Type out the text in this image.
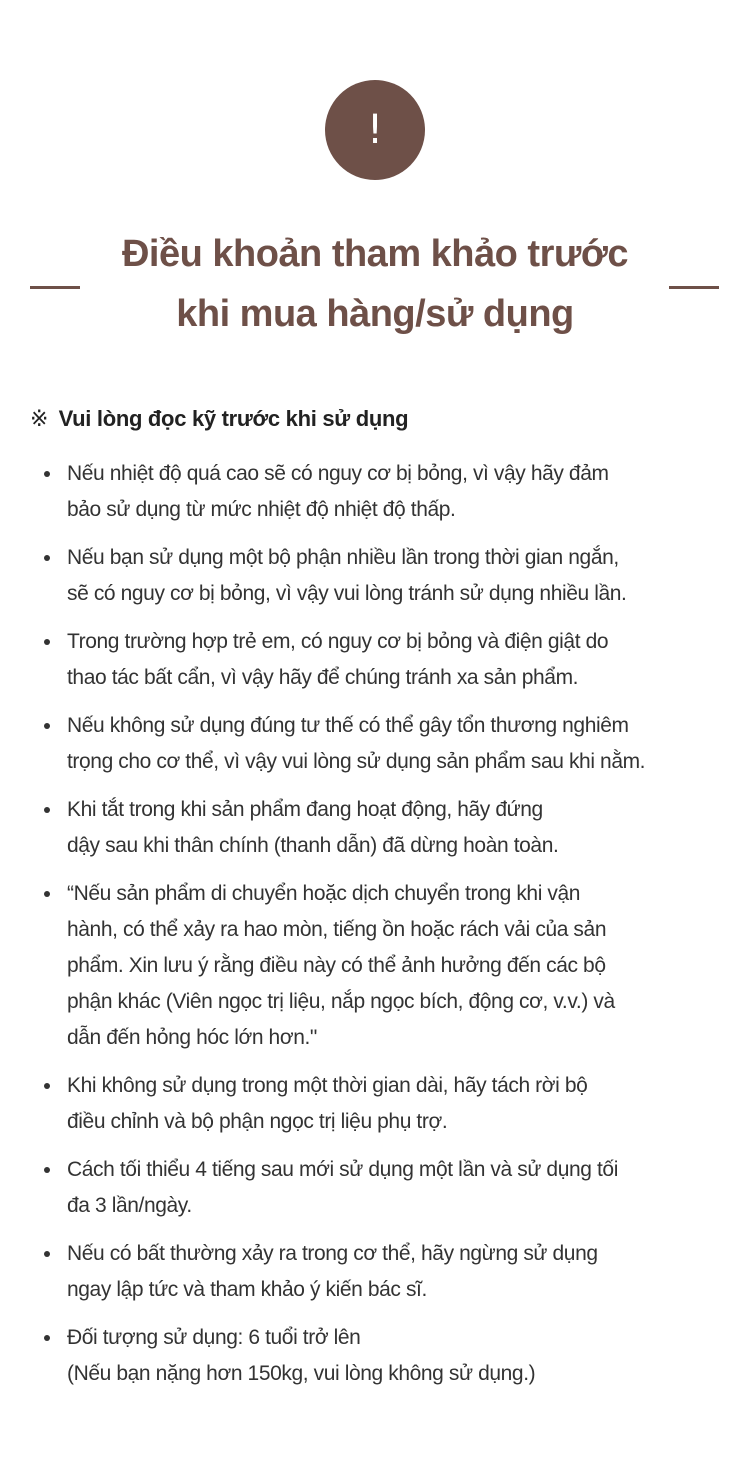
!
Điều khoản tham khảo trước
khi mua hàng/sử dụng
※ Vui lòng đọc kỹ trước khi sử dụng
Nếu nhiệt độ quá cao sẽ có nguy cơ bị bỏng, vì vậy hãy đảm
bảo sử dụng từ mức nhiệt độ nhiệt độ thấp.
Nếu bạn sử dụng một bộ phận nhiều lần trong thời gian ngắn,
sẽ có nguy cơ bị bỏng, vì vậy vui lòng tránh sử dụng nhiều lần.
Trong trường hợp trẻ em, có nguy cơ bị bỏng và điện giật do
thao tác bất cẩn, vì vậy hãy để chúng tránh xa sản phẩm.
Nếu không sử dụng đúng tư thế có thể gây tổn thương nghiêm
trọng cho cơ thể, vì vậy vui lòng sử dụng sản phẩm sau khi nằm.
Khi tắt trong khi sản phẩm đang hoạt động, hãy đứng
dậy sau khi thân chính (thanh dẫn) đã dừng hoàn toàn.
“Nếu sản phẩm di chuyển hoặc dịch chuyển trong khi vận
hành, có thể xảy ra hao mòn, tiếng ồn hoặc rách vải của sản
phẩm. Xin lưu ý rằng điều này có thể ảnh hưởng đến các bộ
phận khác (Viên ngọc trị liệu, nắp ngọc bích, động cơ, v.v.) và
dẫn đến hỏng hóc lớn hơn."
Khi không sử dụng trong một thời gian dài, hãy tách rời bộ
điều chỉnh và bộ phận ngọc trị liệu phụ trợ.
Cách tối thiểu 4 tiếng sau mới sử dụng một lần và sử dụng tối
đa 3 lần/ngày.
Nếu có bất thường xảy ra trong cơ thể, hãy ngừng sử dụng
ngay lập tức và tham khảo ý kiến bác sĩ.
Đối tượng sử dụng: 6 tuổi trở lên
(Nếu bạn nặng hơn 150kg, vui lòng không sử dụng.)
